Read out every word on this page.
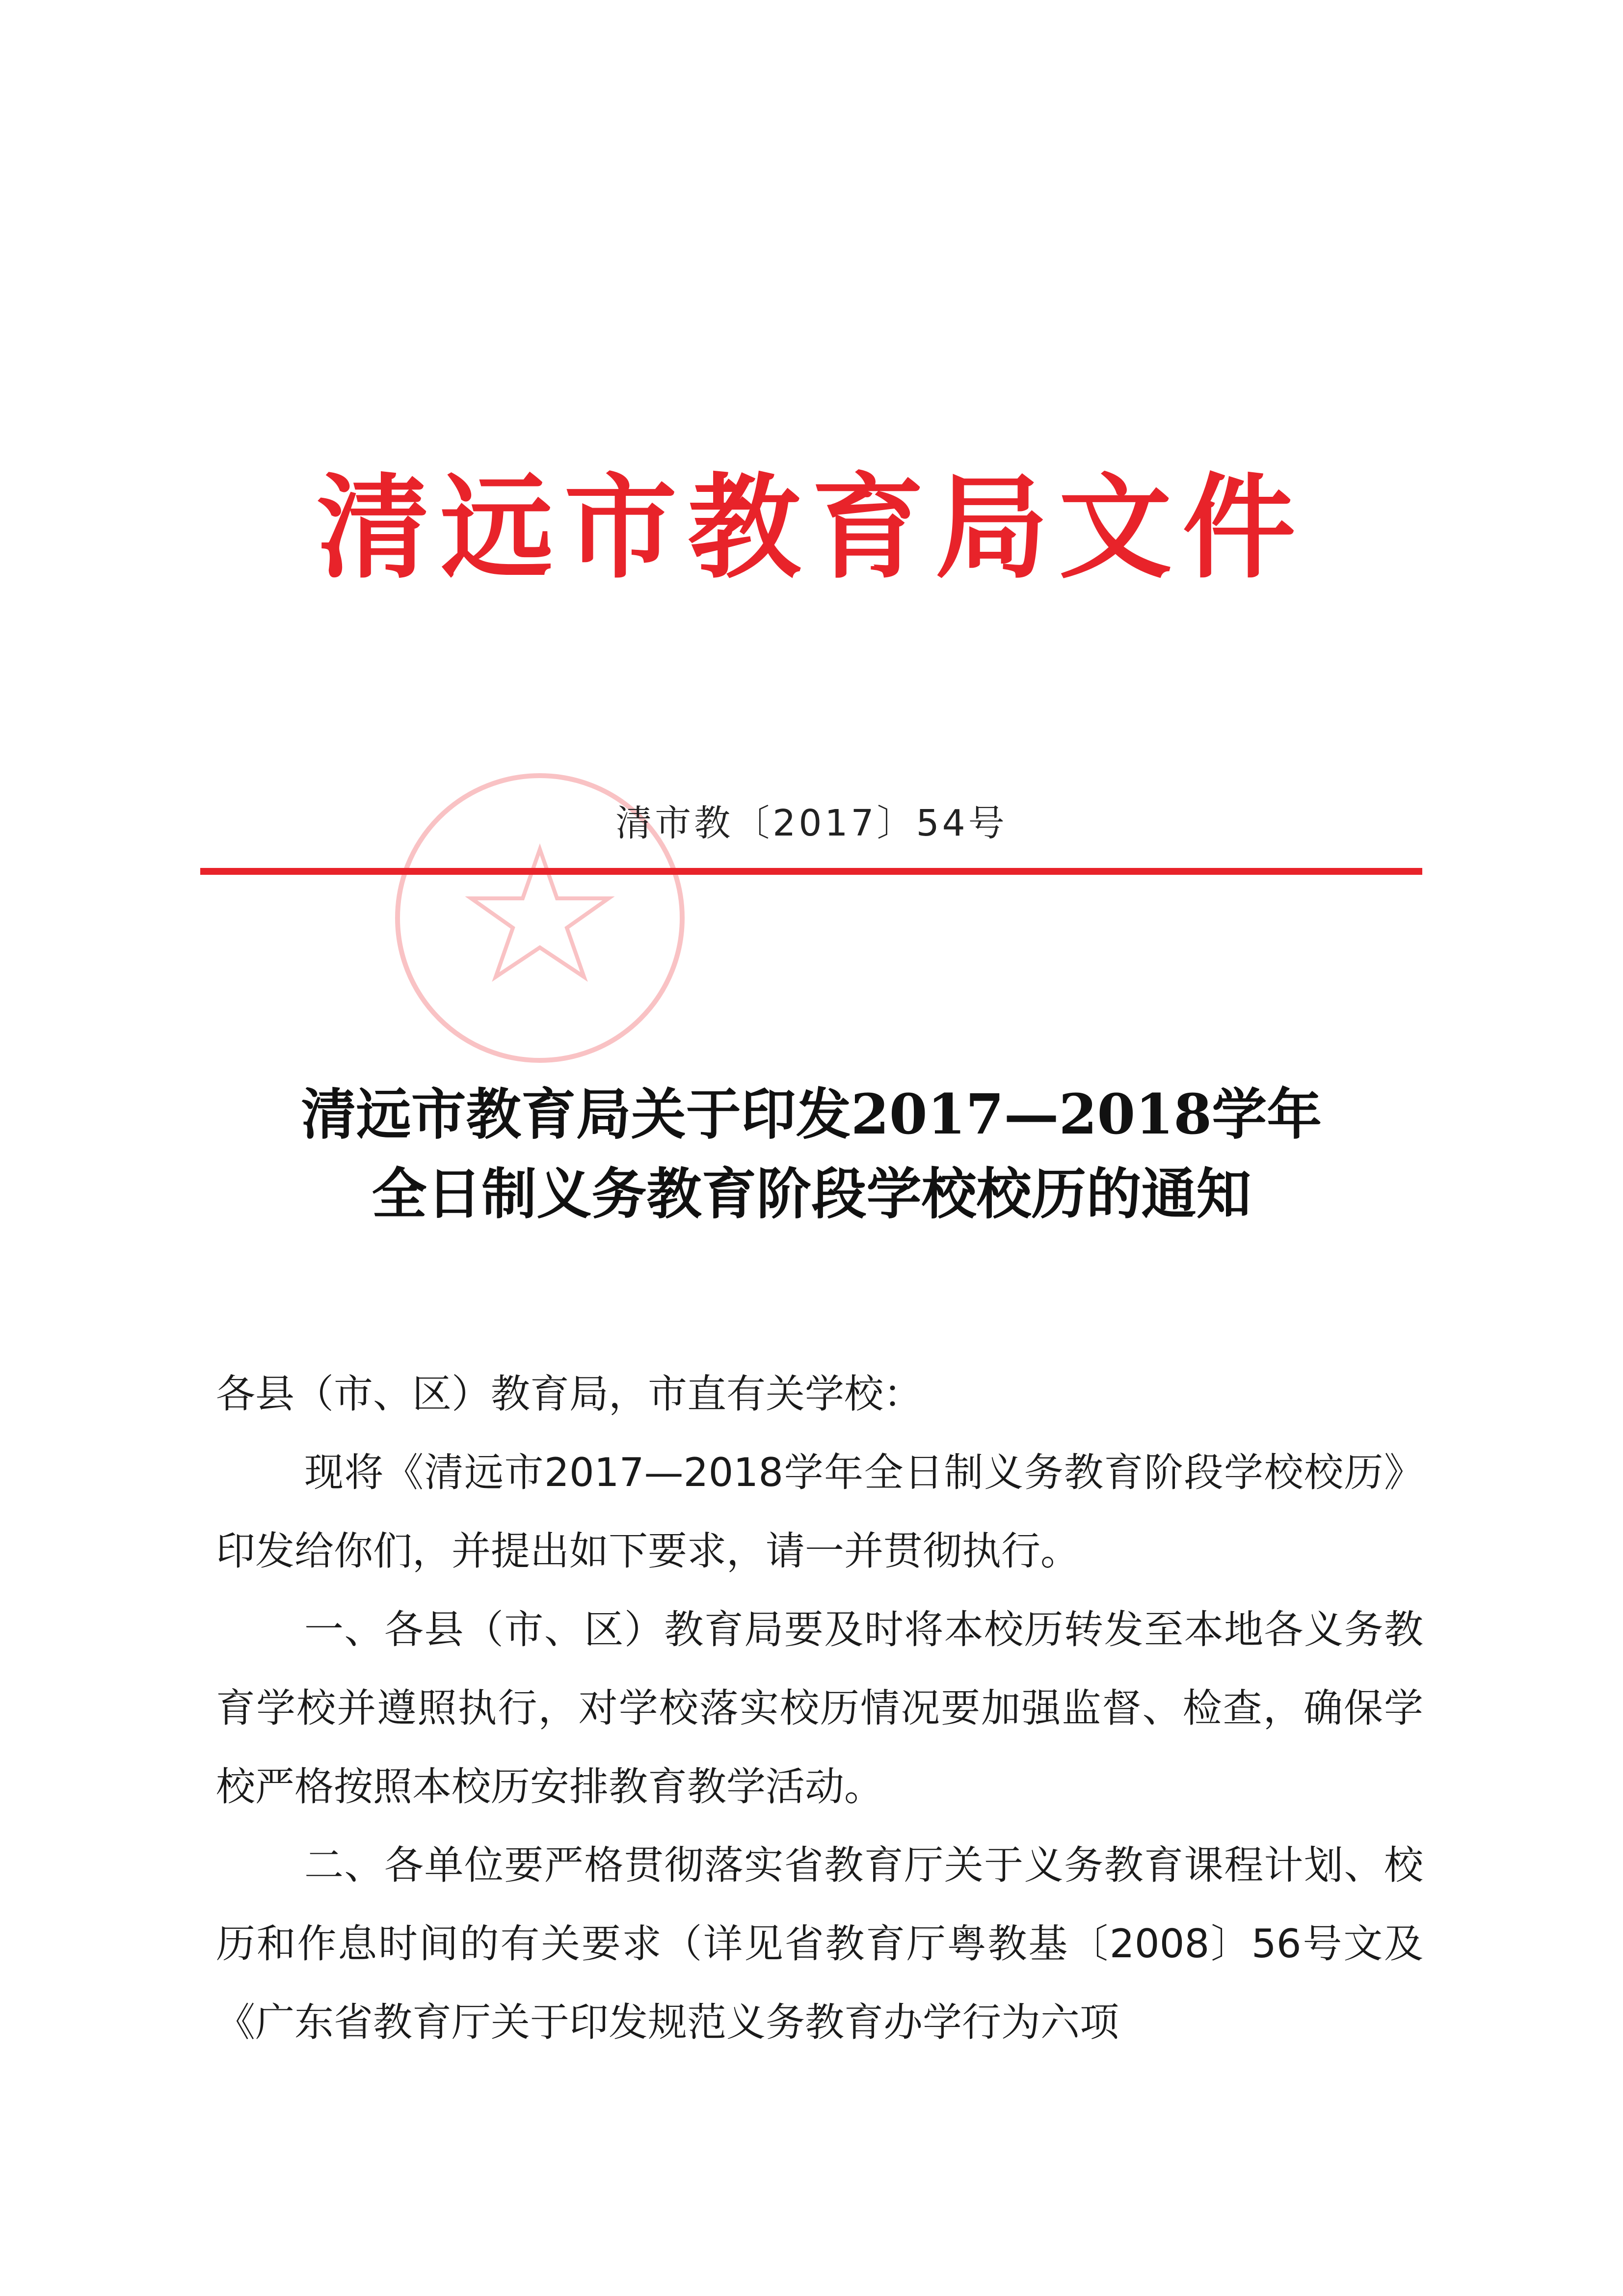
清远市教育局文件
清市教〔2017〕54号
清远市教育局关于印发2017—2018学年
全日制义务教育阶段学校校历的通知

各县（市、区）教育局，市直有关学校：

现将《清远市2017—2018学年全日制义务教育阶段学校校历》印发给你们，并提出如下要求，请一并贯彻执行。

一、各县（市、区）教育局要及时将本校历转发至本地各义务教育学校并遵照执行，对学校落实校历情况要加强监督、检查，确保学校严格按照本校历安排教育教学活动。

二、各单位要严格贯彻落实省教育厅关于义务教育课程计划、校历和作息时间的有关要求（详见省教育厅粤教基〔2008〕56号文及《广东省教育厅关于印发规范义务教育办学行为六项
